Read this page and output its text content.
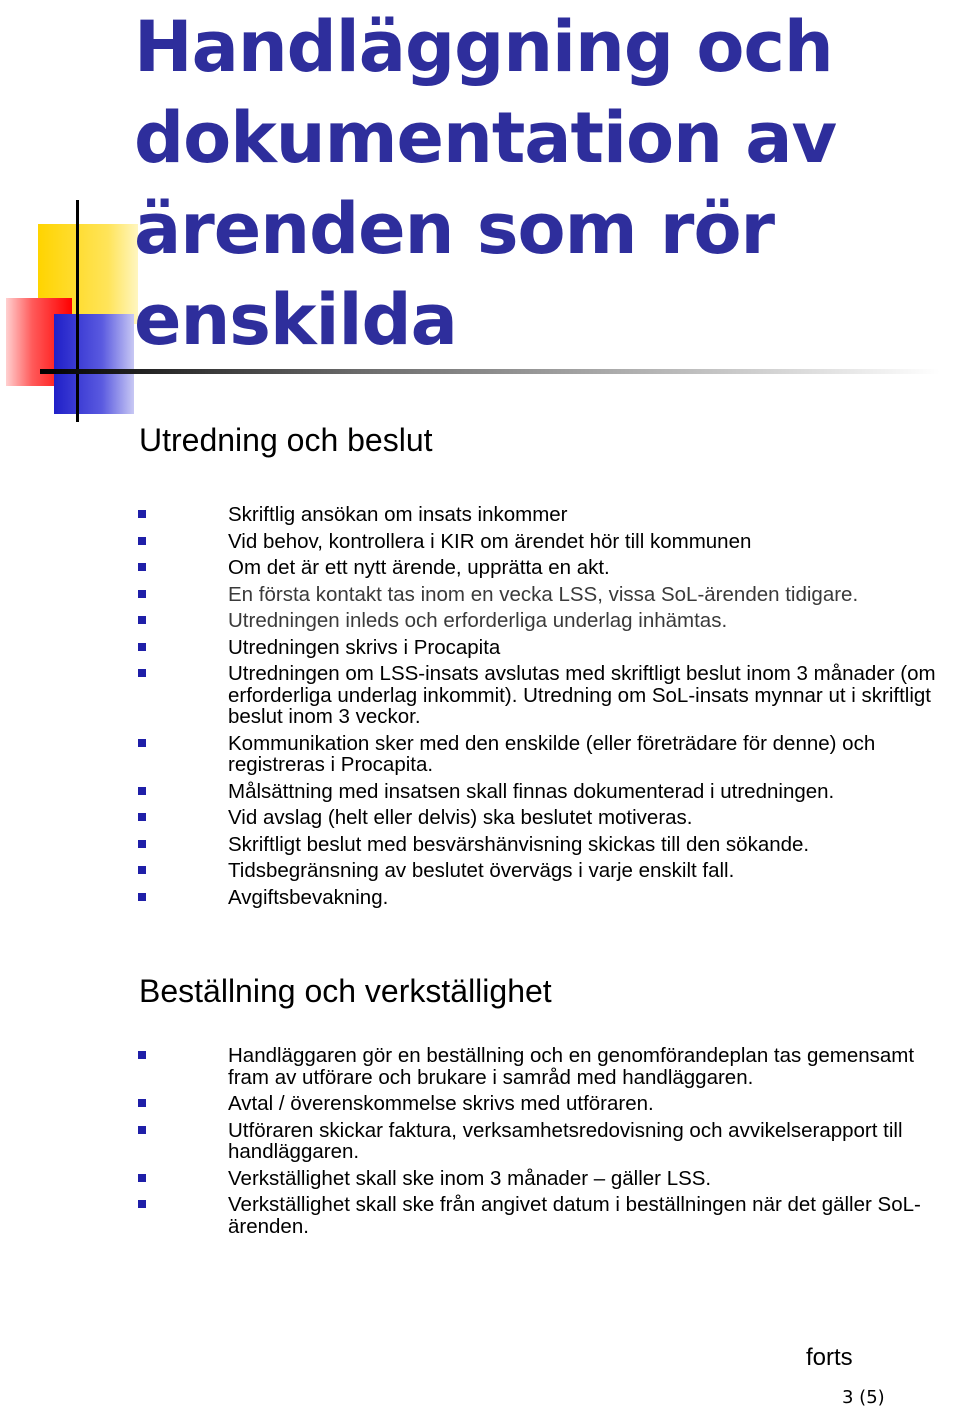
Handläggning och dokumentation av ärenden som rör enskilda
Utredning och beslut
Skriftlig ansökan om insats inkommer
Vid behov, kontrollera i KIR om ärendet hör till kommunen
Om det är ett nytt ärende, upprätta en akt.
En första kontakt tas inom en vecka LSS, vissa SoL-ärenden tidigare.
Utredningen inleds och erforderliga underlag inhämtas.
Utredningen skrivs i Procapita
Utredningen om LSS-insats avslutas med skriftligt beslut inom 3 månader (om erforderliga underlag inkommit). Utredning om SoL-insats mynnar ut i skriftligt beslut inom 3 veckor.
Kommunikation sker med den enskilde (eller företrädare för denne) och registreras i Procapita.
Målsättning med insatsen skall finnas dokumenterad i utredningen.
Vid avslag (helt eller delvis) ska beslutet motiveras.
Skriftligt beslut med besvärshänvisning skickas till den sökande.
Tidsbegränsning av beslutet övervägs i varje enskilt fall.
Avgiftsbevakning.
Beställning och verkställighet
Handläggaren gör en beställning och en genomförandeplan tas gemensamt fram av utförare och brukare i samråd med handläggaren.
Avtal / överenskommelse skrivs med utföraren.
Utföraren skickar faktura, verksamhetsredovisning och avvikelserapport till handläggaren.
Verkställighet skall ske inom 3 månader – gäller LSS.
Verkställighet skall ske från angivet datum i beställningen när det gäller SoL-ärenden.
forts
3 (5)
